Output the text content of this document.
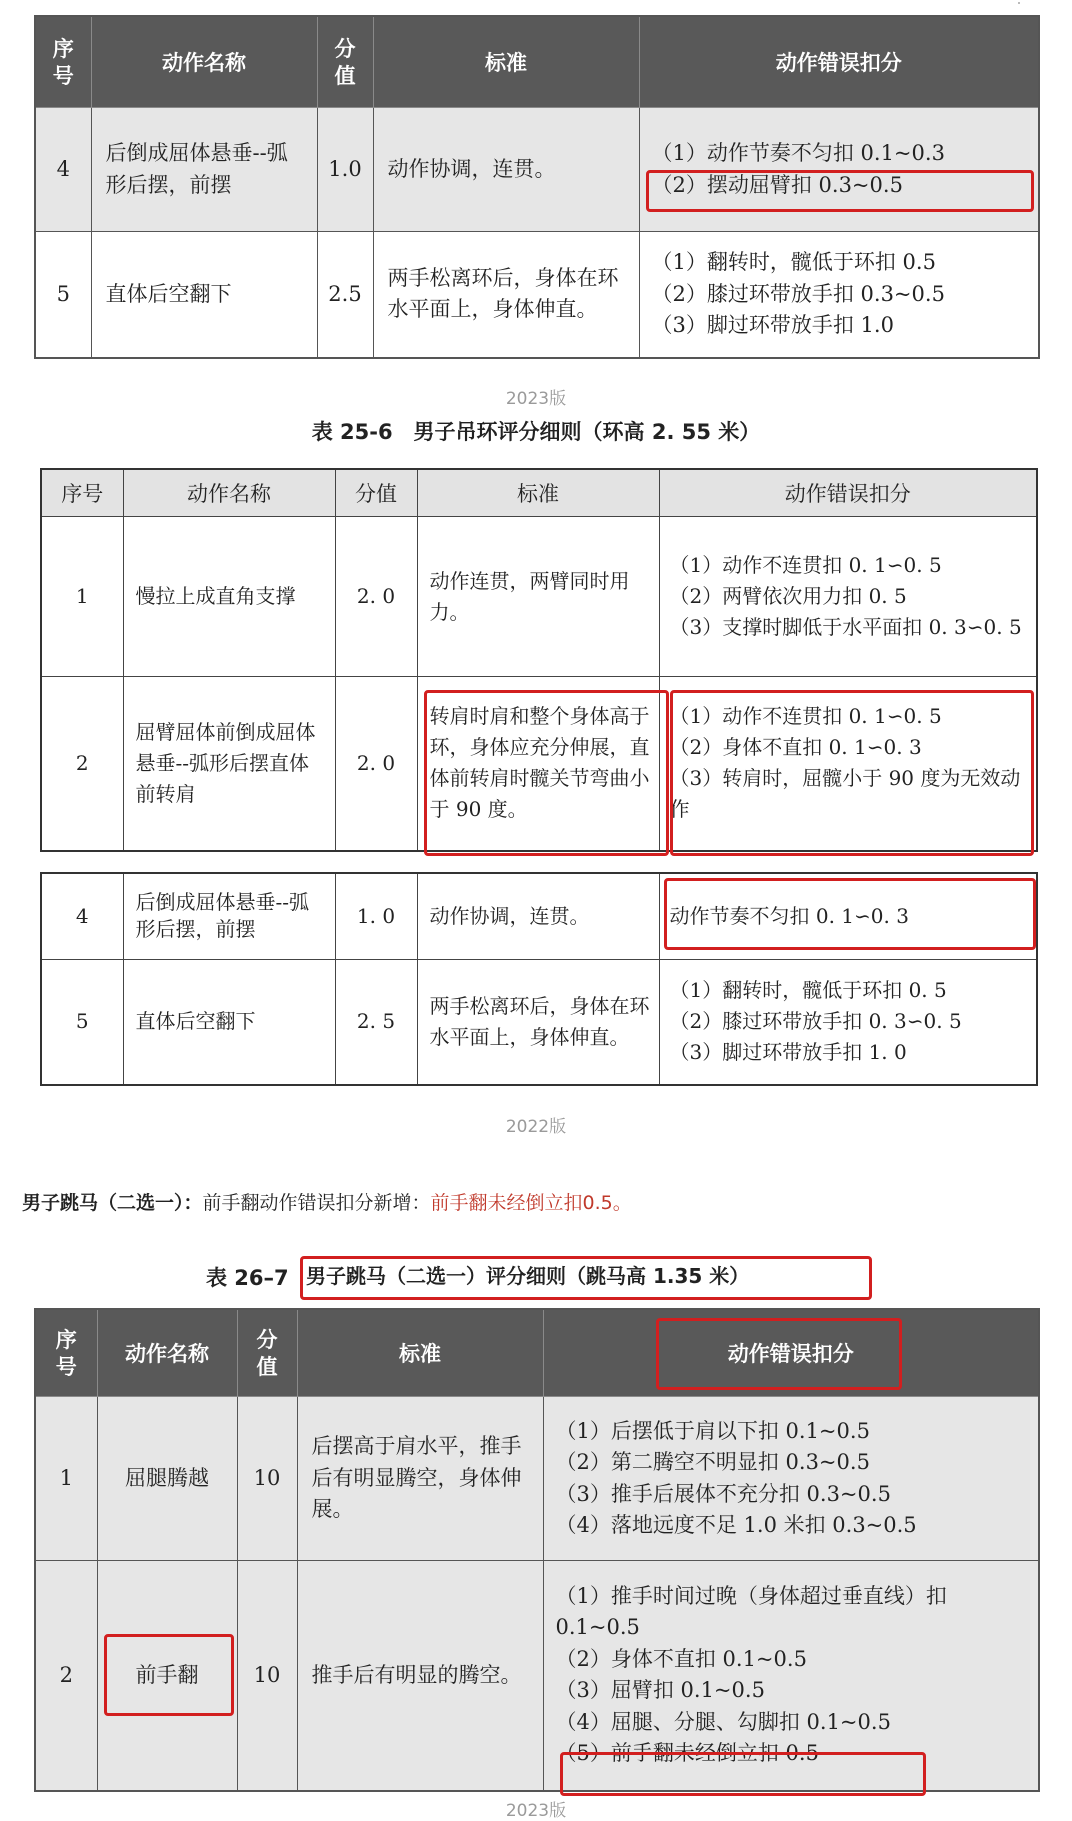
序号	动作名称	分值	标准	动作错误扣分
4	后倒成屈体悬垂--弧形后摆，前摆	1.0	动作协调，连贯。	（1）动作节奏不匀扣 0.1~0.3
（2）摆动屈臂扣 0.3~0.5

5	直体后空翻下	2.5	两手松离环后，身体在环水平面上，身体伸直。	（1）翻转时，髋低于环扣 0.5
（2）膝过环带放手扣 0.3~0.5
（3）脚过环带放手扣 1.0
2023版
表 25-6　男子吊环评分细则（环高 2. 55 米）
序号	动作名称	分值	标准	动作错误扣分
1	慢拉上成直角支撑	2. 0	动作连贯，两臂同时用力。	（1）动作不连贯扣 0. 1∽0. 5
（2）两臂依次用力扣 0. 5
（3）支撑时脚低于水平面扣 0. 3∽0. 5

2	屈臂屈体前倒成屈体悬垂--弧形后摆直体前转肩	2. 0	转肩时肩和整个身体高于环，身体应充分伸展，直体前转肩时髋关节弯曲小于 90 度。	（1）动作不连贯扣 0. 1∽0. 5
（2）身体不直扣 0. 1∽0. 3
（3）转肩时，屈髋小于 90 度为无效动作
4	后倒成屈体悬垂--弧形后摆，前摆	1. 0	动作协调，连贯。	动作节奏不匀扣 0. 1∽0. 3

5	直体后空翻下	2. 5	两手松离环后，身体在环水平面上，身体伸直。	（1）翻转时，髋低于环扣 0. 5
（2）膝过环带放手扣 0. 3∽0. 5
（3）脚过环带放手扣 1. 0
2022版
男子跳马（二选一）：前手翻动作错误扣分新增：前手翻未经倒立扣0.5。
表 26–7 男子跳马（二选一）评分细则（跳马高 1.35 米）
序号	动作名称	分值	标准	动作错误扣分
1	屈腿腾越	10	后摆高于肩水平，推手后有明显腾空，身体伸展。	（1）后摆低于肩以下扣 0.1~0.5
（2）第二腾空不明显扣 0.3~0.5
（3）推手后展体不充分扣 0.3~0.5
（4）落地远度不足 1.0 米扣 0.3~0.5

2	前手翻	10	推手后有明显的腾空。	（1）推手时间过晚（身体超过垂直线）扣 0.1~0.5
（2）身体不直扣 0.1~0.5
（3）屈臂扣 0.1~0.5
（4）屈腿、分腿、勾脚扣 0.1~0.5
（5）前手翻未经倒立扣 0.5
2023版
